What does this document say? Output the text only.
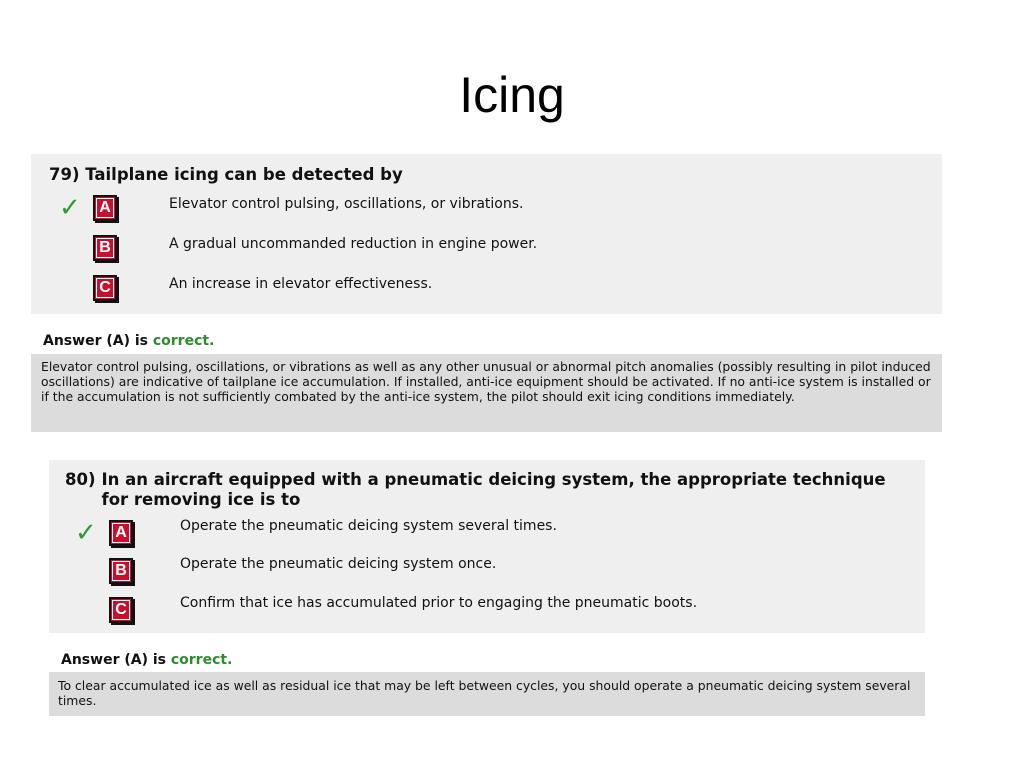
Icing
79) Tailplane icing can be detected by
✓	A	Elevator control pulsing, oscillations, or vibrations.
B	A gradual uncommanded reduction in engine power.
C	An increase in elevator effectiveness.
Answer (A) is correct.
Elevator control pulsing, oscillations, or vibrations as well as any other unusual or abnormal pitch anomalies (possibly resulting in pilot induced oscillations) are indicative of tailplane ice accumulation. If installed, anti-ice equipment should be activated. If no anti-ice system is installed or if the accumulation is not sufficiently combated by the anti-ice system, the pilot should exit icing conditions immediately.
80) In an aircraft equipped with a pneumatic deicing system, the appropriate technique for removing ice is to
✓	A	Operate the pneumatic deicing system several times.
B	Operate the pneumatic deicing system once.
C	Confirm that ice has accumulated prior to engaging the pneumatic boots.
Answer (A) is correct.
To clear accumulated ice as well as residual ice that may be left between cycles, you should operate a pneumatic deicing system several times.
